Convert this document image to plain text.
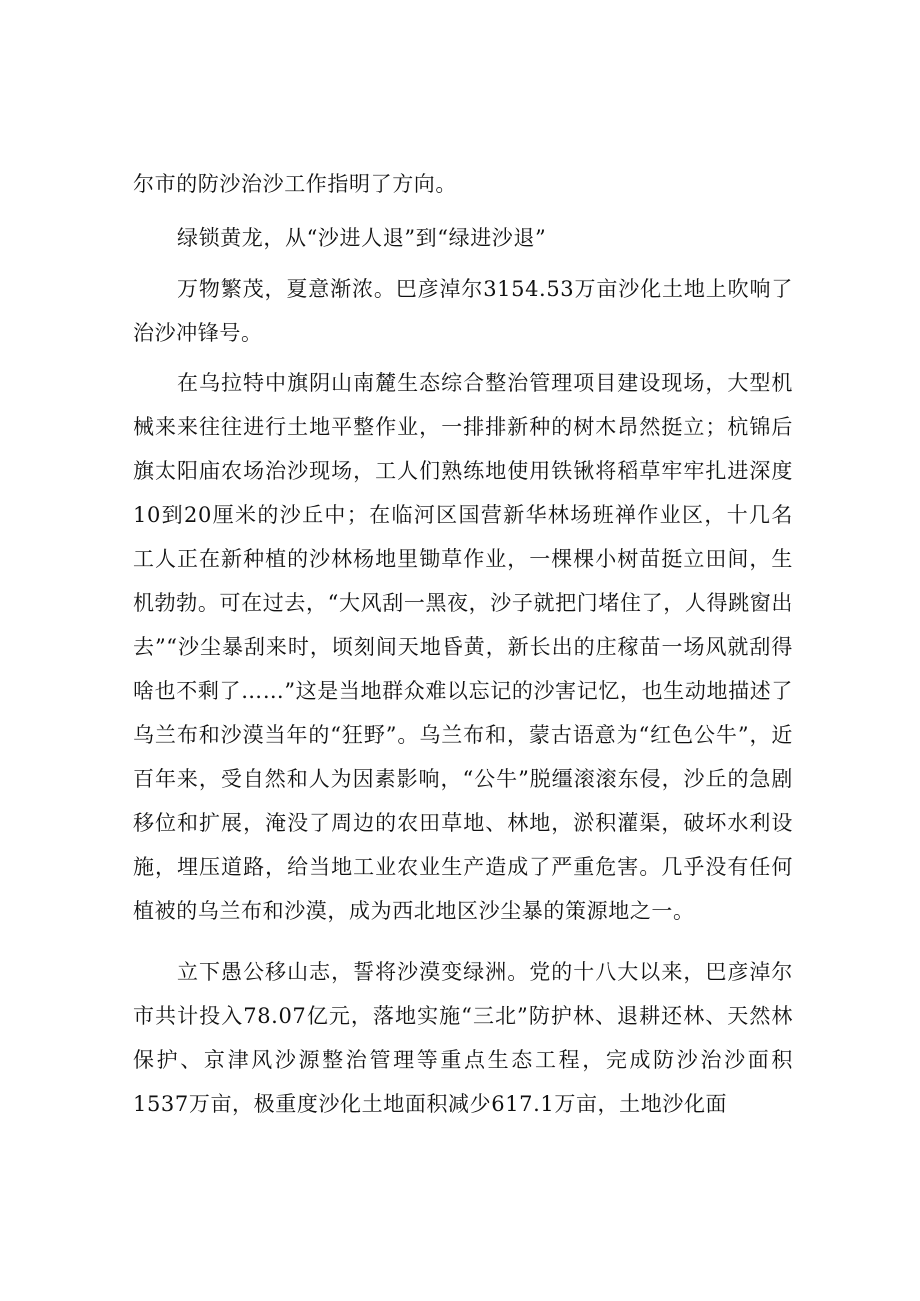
尔市的防沙治沙工作指明了方向。

绿锁黄龙，从“沙进人退”到“绿进沙退”

万物繁茂，夏意渐浓。巴彦淖尔3154.53万亩沙化土地上吹响了治沙冲锋号。

在乌拉特中旗阴山南麓生态综合整治管理项目建设现场，大型机械来来往往进行土地平整作业，一排排新种的树木昂然挺立；杭锦后旗太阳庙农场治沙现场，工人们熟练地使用铁锹将稻草牢牢扎进深度10到20厘米的沙丘中；在临河区国营新华林场班禅作业区，十几名工人正在新种植的沙林杨地里锄草作业，一棵棵小树苗挺立田间，生机勃勃。可在过去，“大风刮一黑夜，沙子就把门堵住了，人得跳窗出去”“沙尘暴刮来时，顷刻间天地昏黄，新长出的庄稼苗一场风就刮得啥也不剩了……”这是当地群众难以忘记的沙害记忆，也生动地描述了乌兰布和沙漠当年的“狂野”。乌兰布和，蒙古语意为“红色公牛”，近百年来，受自然和人为因素影响，“公牛”脱缰滚滚东侵，沙丘的急剧移位和扩展，淹没了周边的农田草地、林地，淤积灌渠，破坏水利设施，埋压道路，给当地工业农业生产造成了严重危害。几乎没有任何植被的乌兰布和沙漠，成为西北地区沙尘暴的策源地之一。

立下愚公移山志，誓将沙漠变绿洲。党的十八大以来，巴彦淖尔市共计投入78.07亿元，落地实施“三北”防护林、退耕还林、天然林保护、京津风沙源整治管理等重点生态工程，完成防沙治沙面积1537万亩，极重度沙化土地面积减少617.1万亩，土地沙化面
